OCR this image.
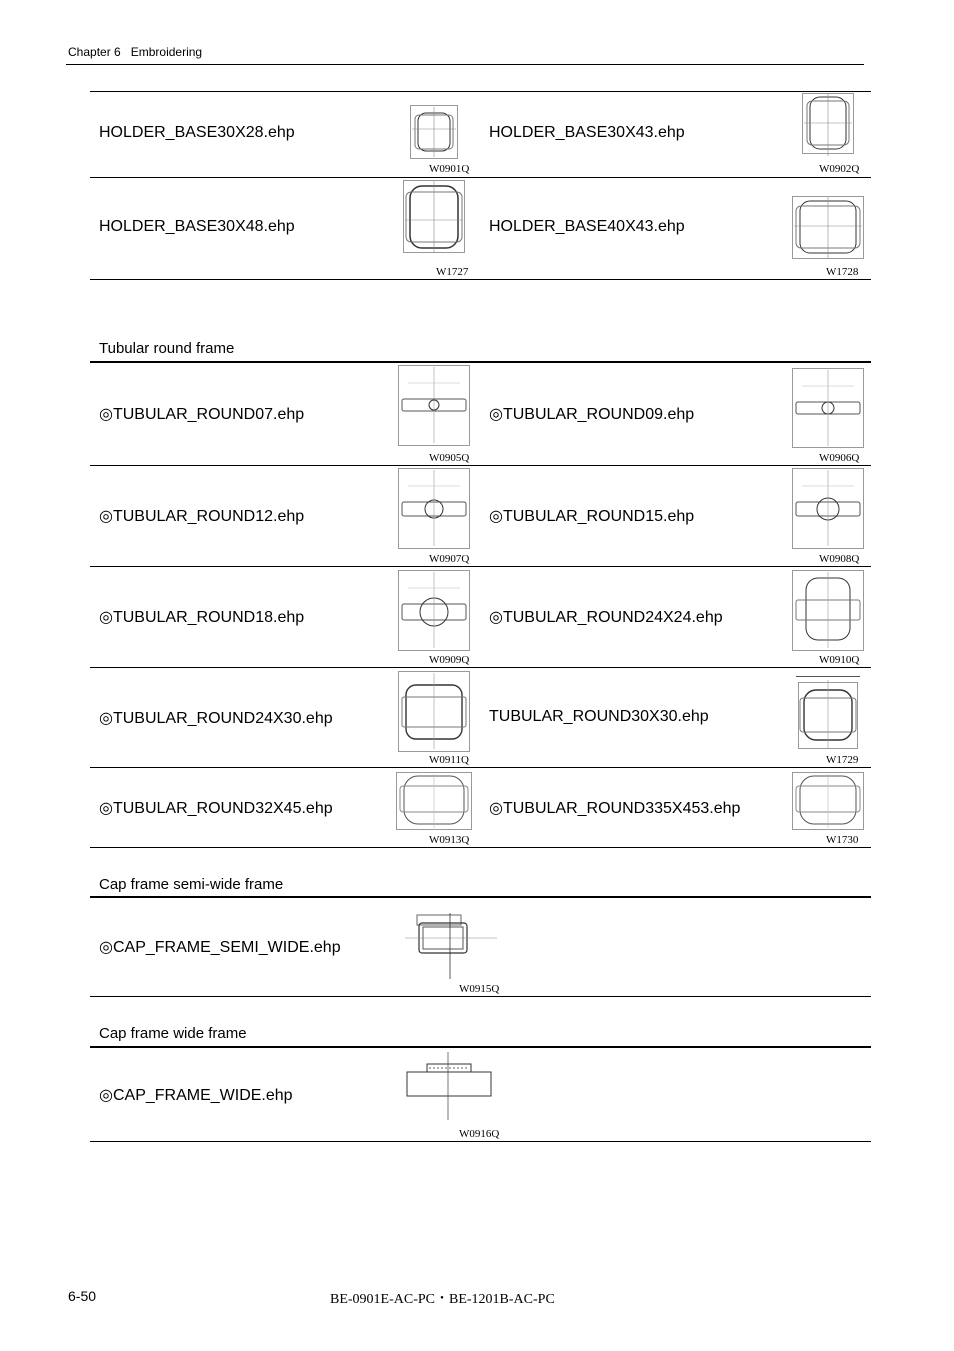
Chapter 6 Embroidering
HOLDER_BASE30X28.ehp	HOLDER_BASE30X43.ehp
W0901Q	W0902Q
HOLDER_BASE30X48.ehp	HOLDER_BASE40X43.ehp
W1727	W1728
Tubular round frame
◎TUBULAR_ROUND07.ehp	◎TUBULAR_ROUND09.ehp
W0905Q	W0906Q
◎TUBULAR_ROUND12.ehp	◎TUBULAR_ROUND15.ehp
W0907Q	W0908Q
◎TUBULAR_ROUND18.ehp	◎TUBULAR_ROUND24X24.ehp
W0909Q	W0910Q
◎TUBULAR_ROUND24X30.ehp	TUBULAR_ROUND30X30.ehp
W0911Q	W1729
◎TUBULAR_ROUND32X45.ehp	◎TUBULAR_ROUND335X453.ehp
W0913Q	W1730
Cap frame semi-wide frame
◎CAP_FRAME_SEMI_WIDE.ehp
W0915Q
Cap frame wide frame
◎CAP_FRAME_WIDE.ehp
W0916Q
6-50	BE-0901E-AC-PC・BE-1201B-AC-PC
